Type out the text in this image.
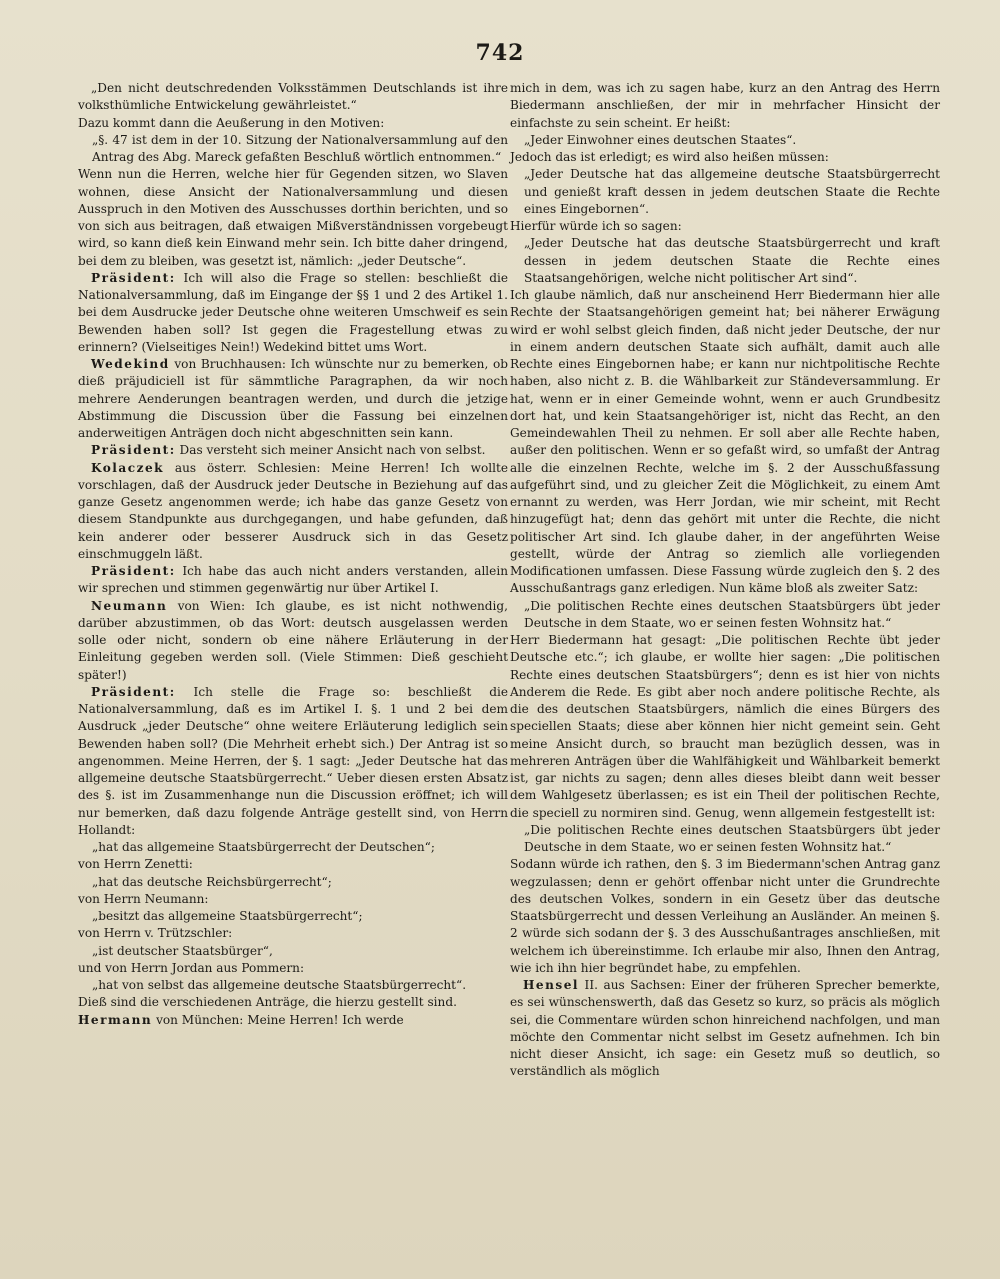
742

„Den nicht deutschredenden Volksstämmen Deutschlands ist ihre volksthümliche Entwickelung gewährleistet.“

Dazu kommt dann die Aeußerung in den Motiven:

„§. 47 ist dem in der 10. Sitzung der Nationalversammlung auf den Antrag des Abg. Mareck gefaßten Beschluß wörtlich entnommen.“

Wenn nun die Herren, welche hier für Gegenden sitzen, wo Slaven wohnen, diese Ansicht der Nationalversammlung und diesen Ausspruch in den Motiven des Ausschusses dorthin berichten, und so von sich aus beitragen, daß etwaigen Mißverständnissen vorgebeugt wird, so kann dieß kein Einwand mehr sein. Ich bitte daher dringend, bei dem zu bleiben, was gesetzt ist, nämlich: „jeder Deutsche“.

Präsident: Ich will also die Frage so stellen: beschließt die Nationalversammlung, daß im Eingange der §§ 1 und 2 des Artikel 1. bei dem Ausdrucke jeder Deutsche ohne weiteren Umschweif es sein Bewenden haben soll? Ist gegen die Fragestellung etwas zu erinnern? (Vielseitiges Nein!) Wedekind bittet ums Wort.

Wedekind von Bruchhausen: Ich wünschte nur zu bemerken, ob dieß präjudiciell ist für sämmtliche Paragraphen, da wir noch mehrere Aenderungen beantragen werden, und durch die jetzige Abstimmung die Discussion über die Fassung bei einzelnen anderweitigen Anträgen doch nicht abgeschnitten sein kann.

Präsident: Das versteht sich meiner Ansicht nach von selbst.

Kolaczek aus österr. Schlesien: Meine Herren! Ich wollte vorschlagen, daß der Ausdruck jeder Deutsche in Beziehung auf das ganze Gesetz angenommen werde; ich habe das ganze Gesetz von diesem Standpunkte aus durchgegangen, und habe gefunden, daß kein anderer oder besserer Ausdruck sich in das Gesetz einschmuggeln läßt.

Präsident: Ich habe das auch nicht anders verstanden, allein wir sprechen und stimmen gegenwärtig nur über Artikel I.

Neumann von Wien: Ich glaube, es ist nicht nothwendig, darüber abzustimmen, ob das Wort: deutsch ausgelassen werden solle oder nicht, sondern ob eine nähere Erläuterung in der Einleitung gegeben werden soll. (Viele Stimmen: Dieß geschieht später!)

Präsident: Ich stelle die Frage so: beschließt die Nationalversammlung, daß es im Artikel I. §. 1 und 2 bei dem Ausdruck „jeder Deutsche“ ohne weitere Erläuterung lediglich sein Bewenden haben soll? (Die Mehrheit erhebt sich.) Der Antrag ist so angenommen. Meine Herren, der §. 1 sagt: „Jeder Deutsche hat das allgemeine deutsche Staatsbürgerrecht.“ Ueber diesen ersten Absatz des §. ist im Zusammenhange nun die Discussion eröffnet; ich will nur bemerken, daß dazu folgende Anträge gestellt sind, von Herrn Hollandt:

„hat das allgemeine Staatsbürgerrecht der Deutschen“;

von Herrn Zenetti:

„hat das deutsche Reichsbürgerrecht“;

von Herrn Neumann:

„besitzt das allgemeine Staatsbürgerrecht“;

von Herrn v. Trützschler:

„ist deutscher Staatsbürger“,

und von Herrn Jordan aus Pommern:

„hat von selbst das allgemeine deutsche Staatsbürgerrecht“.

Dieß sind die verschiedenen Anträge, die hierzu gestellt sind.

Hermann von München: Meine Herren! Ich werde

mich in dem, was ich zu sagen habe, kurz an den Antrag des Herrn Biedermann anschließen, der mir in mehrfacher Hinsicht der einfachste zu sein scheint. Er heißt:

„Jeder Einwohner eines deutschen Staates“.

Jedoch das ist erledigt; es wird also heißen müssen:

„Jeder Deutsche hat das allgemeine deutsche Staatsbürgerrecht und genießt kraft dessen in jedem deutschen Staate die Rechte eines Eingebornen“.

Hierfür würde ich so sagen:

„Jeder Deutsche hat das deutsche Staatsbürgerrecht und kraft dessen in jedem deutschen Staate die Rechte eines Staatsangehörigen, welche nicht politischer Art sind“.

Ich glaube nämlich, daß nur anscheinend Herr Biedermann hier alle Rechte der Staatsangehörigen gemeint hat; bei näherer Erwägung wird er wohl selbst gleich finden, daß nicht jeder Deutsche, der nur in einem andern deutschen Staate sich aufhält, damit auch alle Rechte eines Eingebornen habe; er kann nur nichtpolitische Rechte haben, also nicht z. B. die Wählbarkeit zur Ständeversammlung. Er hat, wenn er in einer Gemeinde wohnt, wenn er auch Grundbesitz dort hat, und kein Staatsangehöriger ist, nicht das Recht, an den Gemeindewahlen Theil zu nehmen. Er soll aber alle Rechte haben, außer den politischen. Wenn er so gefaßt wird, so umfaßt der Antrag alle die einzelnen Rechte, welche im §. 2 der Ausschußfassung aufgeführt sind, und zu gleicher Zeit die Möglichkeit, zu einem Amt ernannt zu werden, was Herr Jordan, wie mir scheint, mit Recht hinzugefügt hat; denn das gehört mit unter die Rechte, die nicht politischer Art sind. Ich glaube daher, in der angeführten Weise gestellt, würde der Antrag so ziemlich alle vorliegenden Modificationen umfassen. Diese Fassung würde zugleich den §. 2 des Ausschußantrags ganz erledigen. Nun käme bloß als zweiter Satz:

„Die politischen Rechte eines deutschen Staatsbürgers übt jeder Deutsche in dem Staate, wo er seinen festen Wohnsitz hat.“

Herr Biedermann hat gesagt: „Die politischen Rechte übt jeder Deutsche etc.“; ich glaube, er wollte hier sagen: „Die politischen Rechte eines deutschen Staatsbürgers“; denn es ist hier von nichts Anderem die Rede. Es gibt aber noch andere politische Rechte, als die des deutschen Staatsbürgers, nämlich die eines Bürgers des speciellen Staats; diese aber können hier nicht gemeint sein. Geht meine Ansicht durch, so braucht man bezüglich dessen, was in mehreren Anträgen über die Wahlfähigkeit und Wählbarkeit bemerkt ist, gar nichts zu sagen; denn alles dieses bleibt dann weit besser dem Wahlgesetz überlassen; es ist ein Theil der politischen Rechte, die speciell zu normiren sind. Genug, wenn allgemein festgestellt ist:

„Die politischen Rechte eines deutschen Staatsbürgers übt jeder Deutsche in dem Staate, wo er seinen festen Wohnsitz hat.“

Sodann würde ich rathen, den §. 3 im Biedermann'schen Antrag ganz wegzulassen; denn er gehört offenbar nicht unter die Grundrechte des deutschen Volkes, sondern in ein Gesetz über das deutsche Staatsbürgerrecht und dessen Verleihung an Ausländer. An meinen §. 2 würde sich sodann der §. 3 des Ausschußantrages anschließen, mit welchem ich übereinstimme. Ich erlaube mir also, Ihnen den Antrag, wie ich ihn hier begründet habe, zu empfehlen.

Hensel II. aus Sachsen: Einer der früheren Sprecher bemerkte, es sei wünschenswerth, daß das Gesetz so kurz, so präcis als möglich sei, die Commentare würden schon hinreichend nachfolgen, und man möchte den Commentar nicht selbst im Gesetz aufnehmen. Ich bin nicht dieser Ansicht, ich sage: ein Gesetz muß so deutlich, so verständlich als möglich
